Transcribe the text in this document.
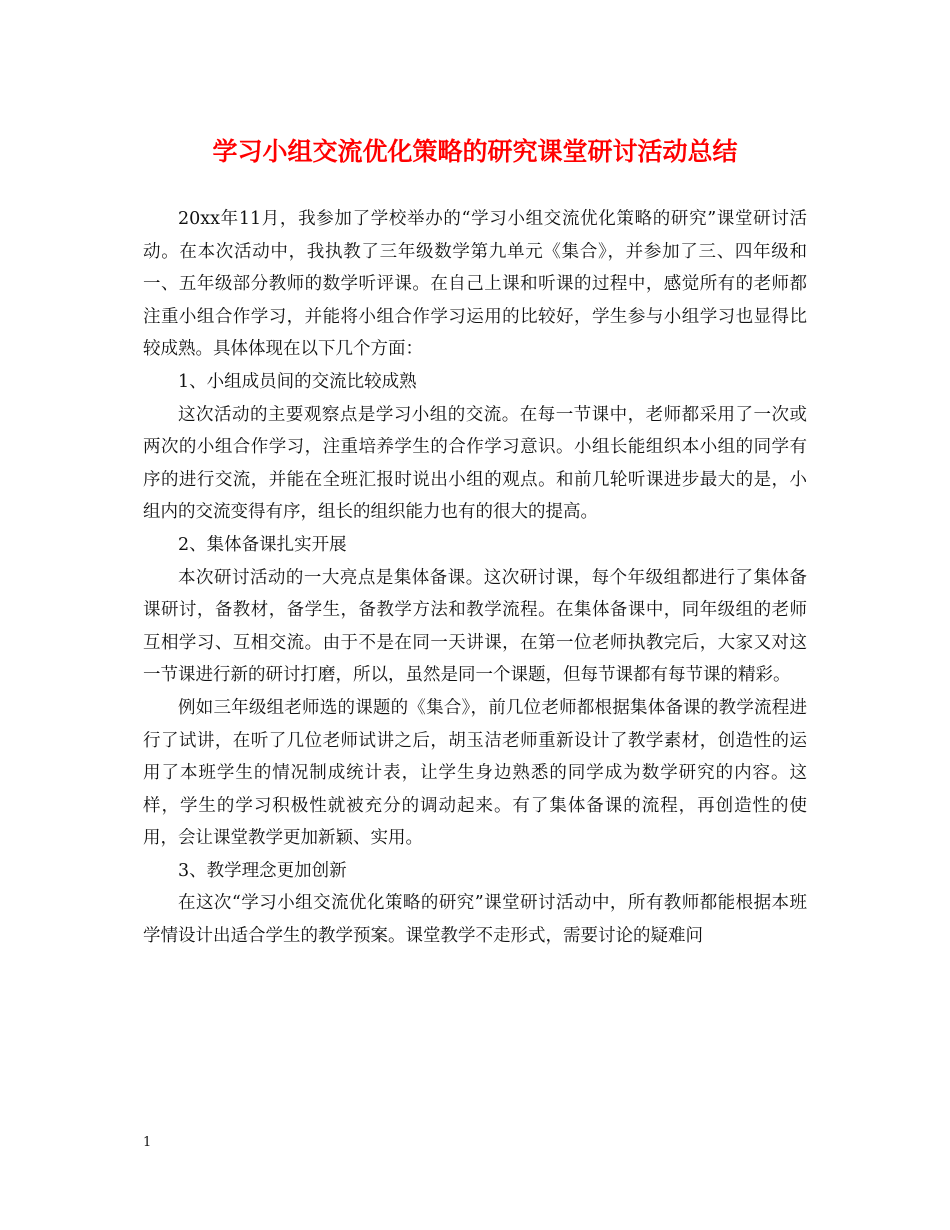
学习小组交流优化策略的研究课堂研讨活动总结

20xx年11月，我参加了学校举办的“学习小组交流优化策略的研究”课堂研讨活动。在本次活动中，我执教了三年级数学第九单元《集合》，并参加了三、四年级和一、五年级部分教师的数学听评课。在自己上课和听课的过程中，感觉所有的老师都注重小组合作学习，并能将小组合作学习运用的比较好，学生参与小组学习也显得比较成熟。具体体现在以下几个方面：

1、小组成员间的交流比较成熟

这次活动的主要观察点是学习小组的交流。在每一节课中，老师都采用了一次或两次的小组合作学习，注重培养学生的合作学习意识。小组长能组织本小组的同学有序的进行交流，并能在全班汇报时说出小组的观点。和前几轮听课进步最大的是，小组内的交流变得有序，组长的组织能力也有的很大的提高。

2、集体备课扎实开展

本次研讨活动的一大亮点是集体备课。这次研讨课，每个年级组都进行了集体备课研讨，备教材，备学生，备教学方法和教学流程。在集体备课中，同年级组的老师互相学习、互相交流。由于不是在同一天讲课，在第一位老师执教完后，大家又对这一节课进行新的研讨打磨，所以，虽然是同一个课题，但每节课都有每节课的精彩。

例如三年级组老师选的课题的《集合》，前几位老师都根据集体备课的教学流程进行了试讲，在听了几位老师试讲之后，胡玉洁老师重新设计了教学素材，创造性的运用了本班学生的情况制成统计表，让学生身边熟悉的同学成为数学研究的内容。这样，学生的学习积极性就被充分的调动起来。有了集体备课的流程，再创造性的使用，会让课堂教学更加新颖、实用。

3、教学理念更加创新

在这次“学习小组交流优化策略的研究”课堂研讨活动中，所有教师都能根据本班学情设计出适合学生的教学预案。课堂教学不走形式，需要讨论的疑难问

1
